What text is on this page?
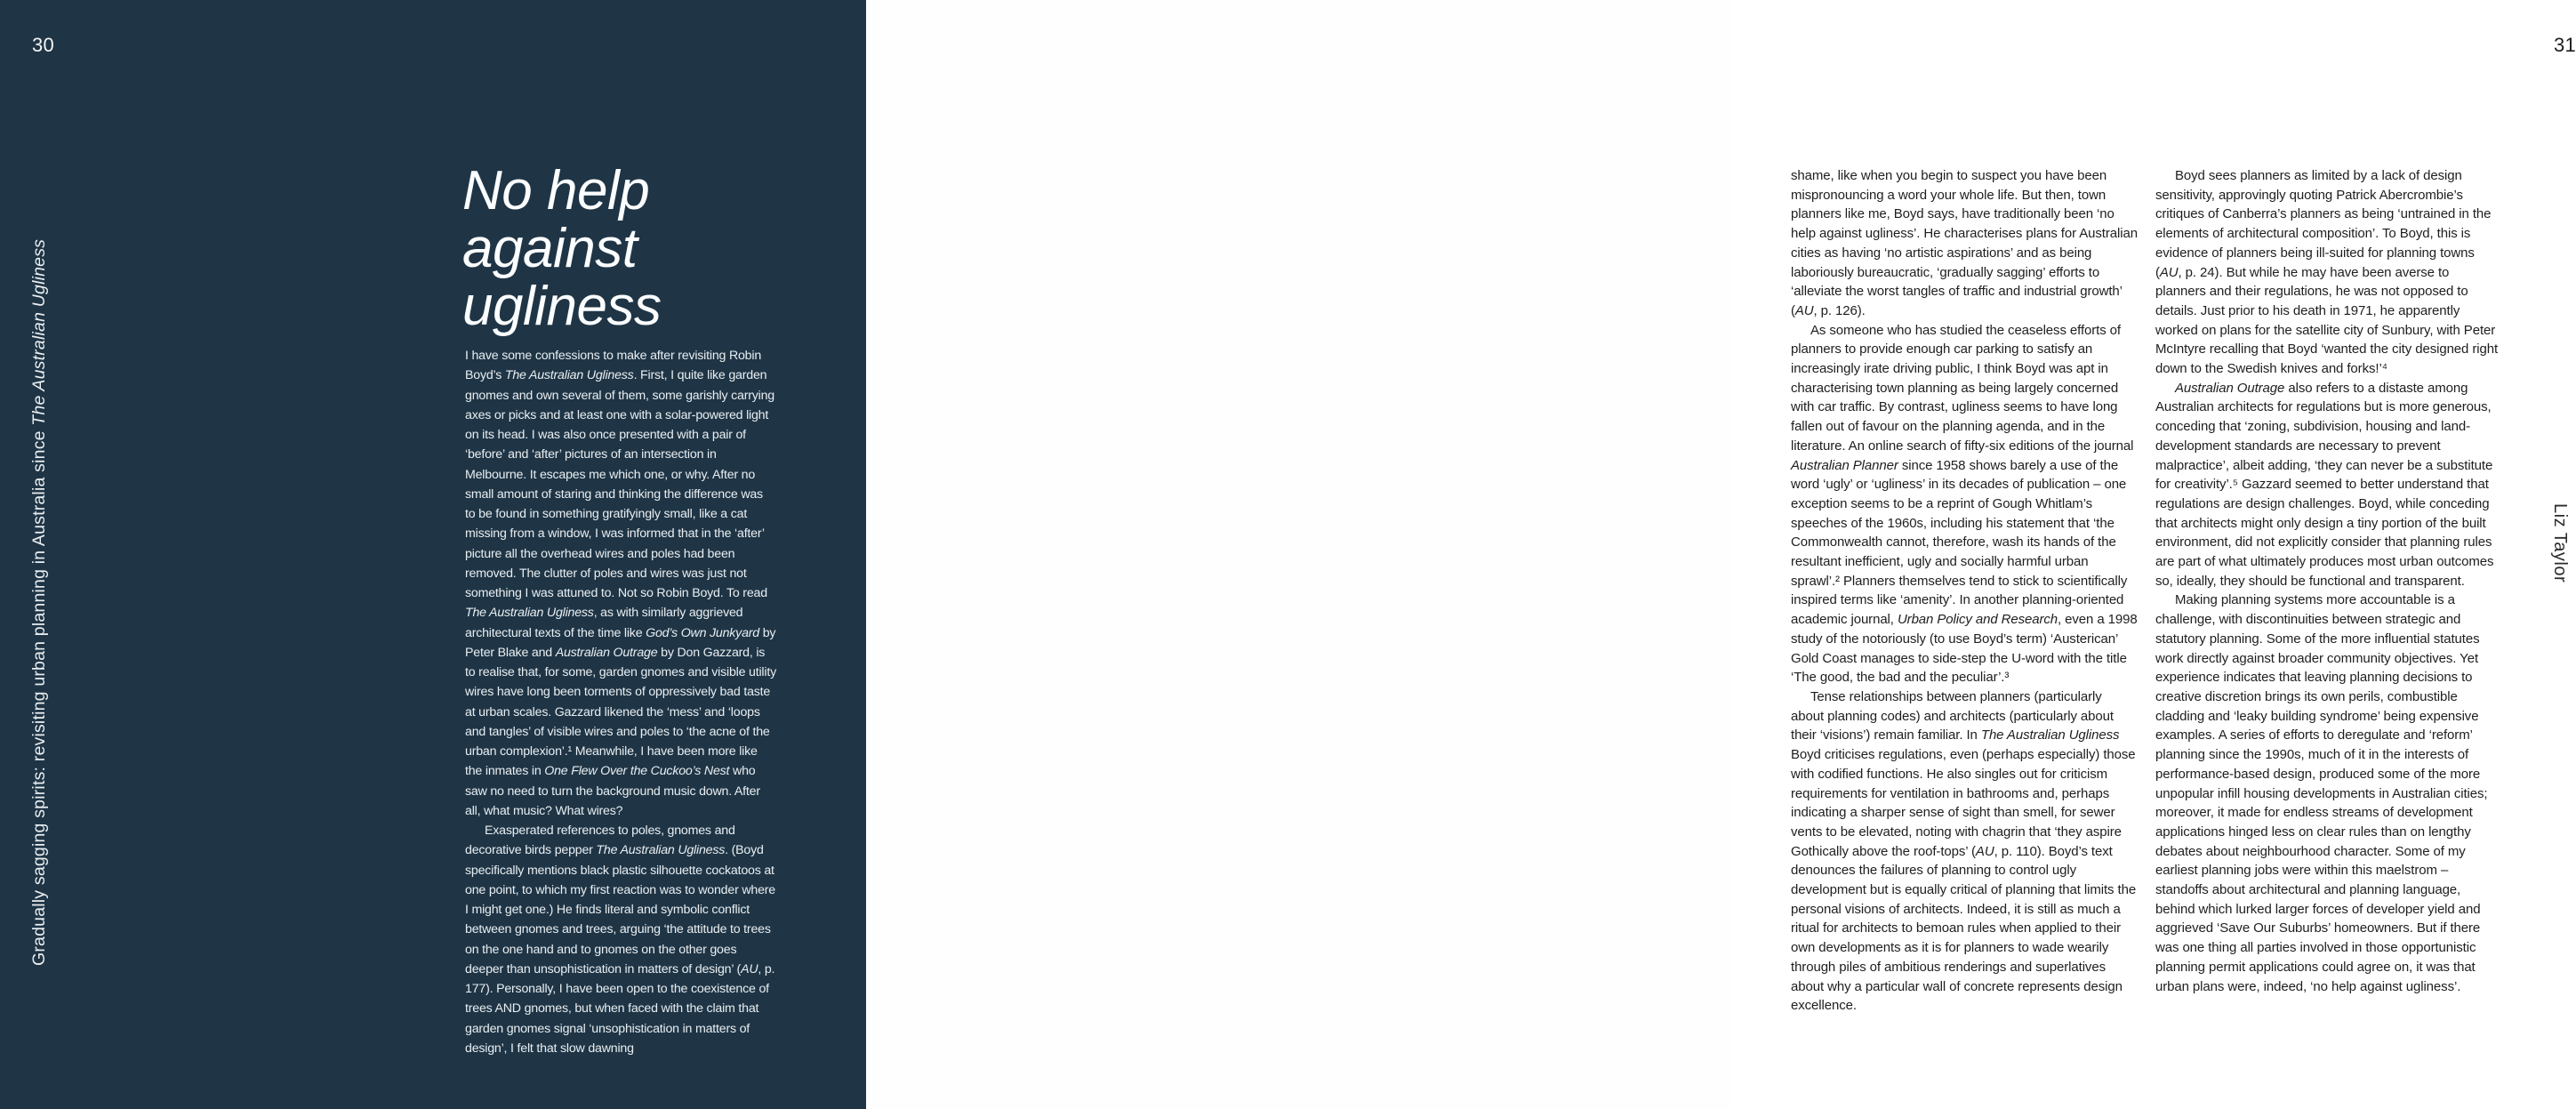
30
Gradually sagging spirits: revisiting urban planning in Australia since The Australian Ugliness
No help
against
ugliness

I have some confessions to make after revisiting Robin Boyd’s The Australian Ugliness. First, I quite like garden gnomes and own several of them, some garishly carrying axes or picks and at least one with a solar-powered light on its head. I was also once presented with a pair of ‘before’ and ‘after’ pictures of an intersection in Melbourne. It escapes me which one, or why. After no small amount of staring and thinking the difference was to be found in something gratifyingly small, like a cat missing from a window, I was informed that in the ‘after’ picture all the overhead wires and poles had been removed. The clutter of poles and wires was just not something I was attuned to. Not so Robin Boyd. To read The Australian Ugliness, as with similarly aggrieved architectural texts of the time like God’s Own Junkyard by Peter Blake and Australian Outrage by Don Gazzard, is to realise that, for some, garden gnomes and visible utility wires have long been torments of oppressively bad taste at urban scales. Gazzard likened the ‘mess’ and ‘loops and tangles’ of visible wires and poles to ‘the acne of the urban complexion’.¹ Meanwhile, I have been more like the inmates in One Flew Over the Cuckoo’s Nest who saw no need to turn the background music down. After all, what music? What wires?

Exasperated references to poles, gnomes and decorative birds pepper The Australian Ugliness. (Boyd specifically mentions black plastic silhouette cockatoos at one point, to which my first reaction was to wonder where I might get one.) He finds literal and symbolic conflict between gnomes and trees, arguing ‘the attitude to trees on the one hand and to gnomes on the other goes deeper than unsophistication in matters of design’ (AU, p. 177). Personally, I have been open to the coexistence of trees AND gnomes, but when faced with the claim that garden gnomes signal ‘unsophistication in matters of design’, I felt that slow dawning

31

shame, like when you begin to suspect you have been mispronouncing a word your whole life. But then, town planners like me, Boyd says, have traditionally been ‘no help against ugliness’. He characterises plans for Australian cities as having ‘no artistic aspirations’ and as being laboriously bureaucratic, ‘gradually sagging’ efforts to ‘alleviate the worst tangles of traffic and industrial growth’ (AU, p. 126).

As someone who has studied the ceaseless efforts of planners to provide enough car parking to satisfy an increasingly irate driving public, I think Boyd was apt in characterising town planning as being largely concerned with car traffic. By contrast, ugliness seems to have long fallen out of favour on the planning agenda, and in the literature. An online search of fifty-six editions of the journal Australian Planner since 1958 shows barely a use of the word ‘ugly’ or ‘ugliness’ in its decades of publication – one exception seems to be a reprint of Gough Whitlam’s speeches of the 1960s, including his statement that ‘the Commonwealth cannot, therefore, wash its hands of the resultant inefficient, ugly and socially harmful urban sprawl’.² Planners themselves tend to stick to scientifically inspired terms like ‘amenity’. In another planning-oriented academic journal, Urban Policy and Research, even a 1998 study of the notoriously (to use Boyd’s term) ‘Austerican’ Gold Coast manages to side-step the U-word with the title ‘The good, the bad and the peculiar’.³

Tense relationships between planners (particularly about planning codes) and architects (particularly about their ‘visions’) remain familiar. In The Australian Ugliness Boyd criticises regulations, even (perhaps especially) those with codified functions. He also singles out for criticism requirements for ventilation in bathrooms and, perhaps indicating a sharper sense of sight than smell, for sewer vents to be elevated, noting with chagrin that ‘they aspire Gothically above the roof-tops’ (AU, p. 110). Boyd’s text denounces the failures of planning to control ugly development but is equally critical of planning that limits the personal visions of architects. Indeed, it is still as much a ritual for architects to bemoan rules when applied to their own developments as it is for planners to wade wearily through piles of ambitious renderings and superlatives about why a particular wall of concrete represents design excellence.

Boyd sees planners as limited by a lack of design sensitivity, approvingly quoting Patrick Abercrombie’s critiques of Canberra’s planners as being ‘untrained in the elements of architectural composition’. To Boyd, this is evidence of planners being ill-suited for planning towns (AU, p. 24). But while he may have been averse to planners and their regulations, he was not opposed to details. Just prior to his death in 1971, he apparently worked on plans for the satellite city of Sunbury, with Peter McIntyre recalling that Boyd ‘wanted the city designed right down to the Swedish knives and forks!’⁴

Australian Outrage also refers to a distaste among Australian architects for regulations but is more generous, conceding that ‘zoning, subdivision, housing and land-development standards are necessary to prevent malpractice’, albeit adding, ‘they can never be a substitute for creativity’.⁵ Gazzard seemed to better understand that regulations are design challenges. Boyd, while conceding that architects might only design a tiny portion of the built environment, did not explicitly consider that planning rules are part of what ultimately produces most urban outcomes so, ideally, they should be functional and transparent.

Making planning systems more accountable is a challenge, with discontinuities between strategic and statutory planning. Some of the more influential statutes work directly against broader community objectives. Yet experience indicates that leaving planning decisions to creative discretion brings its own perils, combustible cladding and ‘leaky building syndrome’ being expensive examples. A series of efforts to deregulate and ‘reform’ planning since the 1990s, much of it in the interests of performance-based design, produced some of the more unpopular infill housing developments in Australian cities; moreover, it made for endless streams of development applications hinged less on clear rules than on lengthy debates about neighbourhood character. Some of my earliest planning jobs were within this maelstrom – standoffs about architectural and planning language, behind which lurked larger forces of developer yield and aggrieved ‘Save Our Suburbs’ homeowners. But if there was one thing all parties involved in those opportunistic planning permit applications could agree on, it was that urban plans were, indeed, ‘no help against ugliness’.

Liz Taylor
